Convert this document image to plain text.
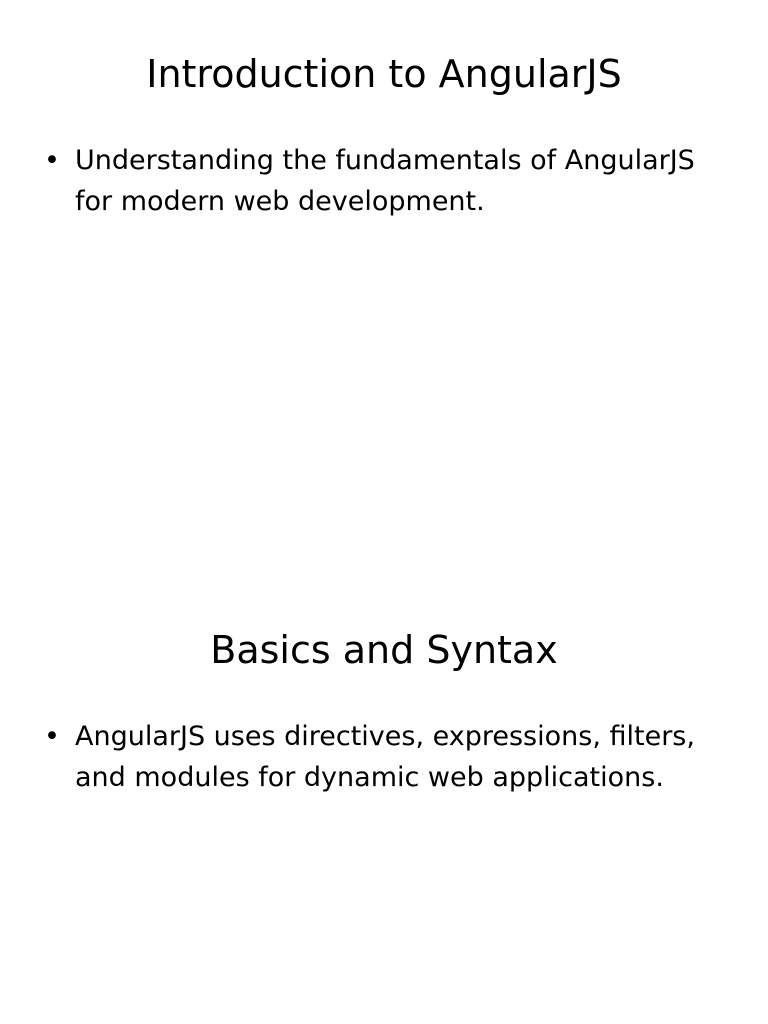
Introduction to AngularJS
• Understanding the fundamentals of AngularJS for modern web development.
Basics and Syntax
• AngularJS uses directives, expressions, filters, and modules for dynamic web applications.
